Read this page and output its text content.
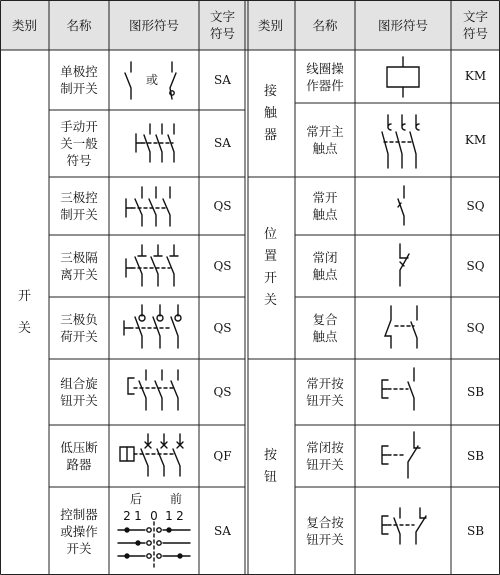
或
后 前
2 1 0 1 2
类别 名称	图形符号
文字
符号
类别 名称	图形符号
文字
符号
开
关
接
触
器
位
置
开
关
按
钮
单极控
制开关
SA
手动开
关一般
符号
SA
三极控
制开关
QS
三极隔
离开关
QS
三极负
荷开关
QS
组合旋
钮开关
QS
低压断
路器
QF
控制器
或操作
开关
SA
线圈操
作器件
KM
常开主
触点
KM
常开
触点
SQ
常闭
触点
SQ
复合
触点
SQ
常开按
钮开关
SB
常闭按
钮开关
SB
复合按
钮开关
SB
